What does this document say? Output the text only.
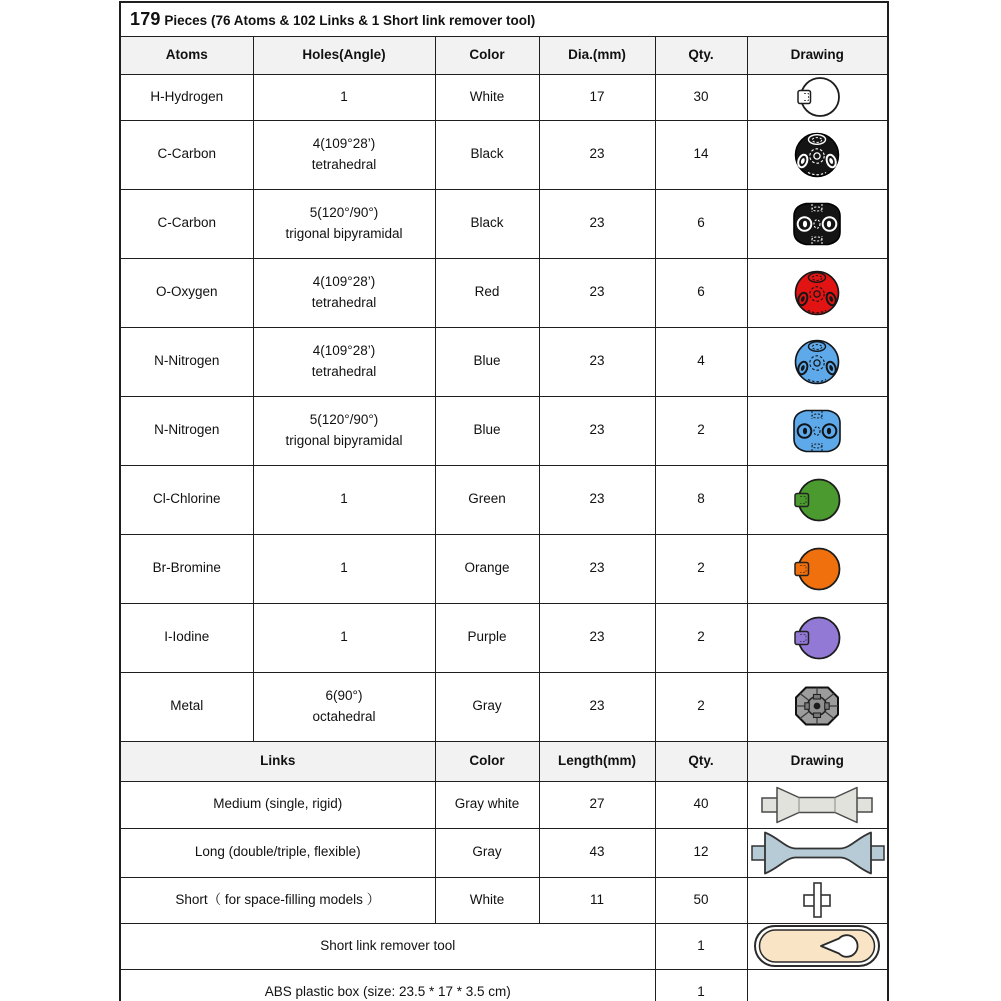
179 Pieces (76 Atoms & 102 Links & 1 Short link remover tool)					
Atoms	Holes(Angle)	Color	Dia.(mm)	Qty.	Drawing
H-Hydrogen	1	White	17	30	

C-Carbon	4(109°28’)
tetrahedral	Black	23	14	

C-Carbon	5(120°/90°)
trigonal bipyramidal	Black	23	6	

O-Oxygen	4(109°28’)
tetrahedral	Red	23	6	

N-Nitrogen	4(109°28’)
tetrahedral	Blue	23	4	

N-Nitrogen	5(120°/90°)
trigonal bipyramidal	Blue	23	2	

Cl-Chlorine	1	Green	23	8	

Br-Bromine	1	Orange	23	2	

I-Iodine	1	Purple	23	2	

Metal	6(90°)
octahedral	Gray	23	2	

Links		Color	Length(mm)	Qty.	Drawing
Medium (single, rigid)		Gray white	27	40	

Long (double/triple, flexible)		Gray	43	12	

Short（ for space-filling models ）		White	11	50	

Short link remover tool				1	

ABS plastic box (size: 23.5 * 17 * 3.5 cm)				1	
